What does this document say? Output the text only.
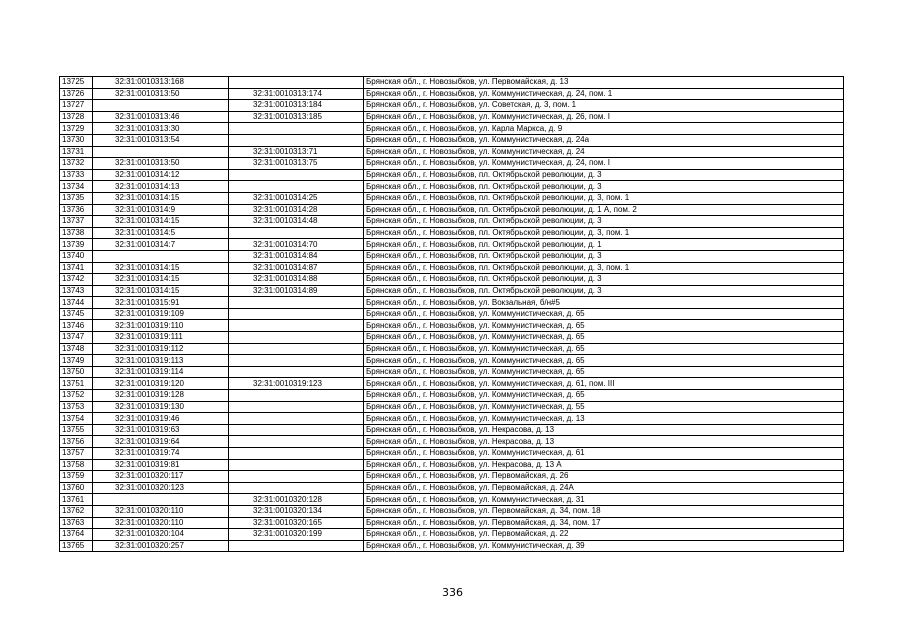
13725	32:31:0010313:168		Брянская обл., г. Новозыбков, ул. Первомайская, д. 13
13726	32:31:0010313:50	32:31:0010313:174	Брянская обл., г. Новозыбков, ул. Коммунистическая, д. 24, пом. 1
13727		32:31:0010313:184	Брянская обл., г. Новозыбков, ул. Советская, д. 3, пом. 1
13728	32:31:0010313:46	32:31:0010313:185	Брянская обл., г. Новозыбков, ул. Коммунистическая, д. 26, пом. I
13729	32:31:0010313:30		Брянская обл., г. Новозыбков, ул. Карла Маркса, д. 9
13730	32:31:0010313:54		Брянская обл., г. Новозыбков, ул. Коммунистическая, д. 24а
13731		32:31:0010313:71	Брянская обл., г. Новозыбков, ул. Коммунистическая, д. 24
13732	32:31:0010313:50	32:31:0010313:75	Брянская обл., г. Новозыбков, ул. Коммунистическая, д. 24, пом. I
13733	32:31:0010314:12		Брянская обл., г. Новозыбков, пл. Октябрьской революции, д. 3
13734	32:31:0010314:13		Брянская обл., г. Новозыбков, пл. Октябрьской революции, д. 3
13735	32:31:0010314:15	32:31:0010314:25	Брянская обл., г. Новозыбков, пл. Октябрьской революции, д. 3, пом. 1
13736	32:31:0010314:9	32:31:0010314:28	Брянская обл., г. Новозыбков, пл. Октябрьской революции, д. 1 А, пом. 2
13737	32:31:0010314:15	32:31:0010314:48	Брянская обл., г. Новозыбков, пл. Октябрьской революции, д. 3
13738	32:31:0010314:5		Брянская обл., г. Новозыбков, пл. Октябрьской революции, д. 3, пом. 1
13739	32:31:0010314:7	32:31:0010314:70	Брянская обл., г. Новозыбков, пл. Октябрьской революции, д. 1
13740		32:31:0010314:84	Брянская обл., г. Новозыбков, пл. Октябрьской революции, д. 3
13741	32:31:0010314:15	32:31:0010314:87	Брянская обл., г. Новозыбков, пл. Октябрьской революции, д. 3, пом. 1
13742	32:31:0010314:15	32:31:0010314:88	Брянская обл., г. Новозыбков, пл. Октябрьской революции, д. 3
13743	32:31:0010314:15	32:31:0010314:89	Брянская обл., г. Новозыбков, пл. Октябрьской революции, д. 3
13744	32:31:0010315:91		Брянская обл., г. Новозыбков, ул. Вокзальная, б/н#5
13745	32:31:0010319:109		Брянская обл., г. Новозыбков, ул. Коммунистическая, д. 65
13746	32:31:0010319:110		Брянская обл., г. Новозыбков, ул. Коммунистическая, д. 65
13747	32:31:0010319:111		Брянская обл., г. Новозыбков, ул. Коммунистическая, д. 65
13748	32:31:0010319:112		Брянская обл., г. Новозыбков, ул. Коммунистическая, д. 65
13749	32:31:0010319:113		Брянская обл., г. Новозыбков, ул. Коммунистическая, д. 65
13750	32:31:0010319:114		Брянская обл., г. Новозыбков, ул. Коммунистическая, д. 65
13751	32:31:0010319:120	32:31:0010319:123	Брянская обл., г. Новозыбков, ул. Коммунистическая, д. 61, пом. III
13752	32:31:0010319:128		Брянская обл., г. Новозыбков, ул. Коммунистическая, д. 65
13753	32:31:0010319:130		Брянская обл., г. Новозыбков, ул. Коммунистическая, д. 55
13754	32:31:0010319:46		Брянская обл., г. Новозыбков, ул. Коммунистическая, д. 13
13755	32:31:0010319:63		Брянская обл., г. Новозыбков, ул. Некрасова, д. 13
13756	32:31:0010319:64		Брянская обл., г. Новозыбков, ул. Некрасова, д. 13
13757	32:31:0010319:74		Брянская обл., г. Новозыбков, ул. Коммунистическая, д. 61
13758	32:31:0010319:81		Брянская обл., г. Новозыбков, ул. Некрасова, д. 13 А
13759	32:31:0010320:117		Брянская обл., г. Новозыбков, ул. Первомайская, д. 26
13760	32:31:0010320:123		Брянская обл., г. Новозыбков, ул. Первомайская, д. 24А
13761		32:31:0010320:128	Брянская обл., г. Новозыбков, ул. Коммунистическая, д. 31
13762	32:31:0010320:110	32:31:0010320:134	Брянская обл., г. Новозыбков, ул. Первомайская, д. 34, пом. 18
13763	32:31:0010320:110	32:31:0010320:165	Брянская обл., г. Новозыбков, ул. Первомайская, д. 34, пом. 17
13764	32:31:0010320:104	32:31:0010320:199	Брянская обл., г. Новозыбков, ул. Первомайская, д. 22
13765	32:31:0010320:257		Брянская обл., г. Новозыбков, ул. Коммунистическая, д. 39
336
